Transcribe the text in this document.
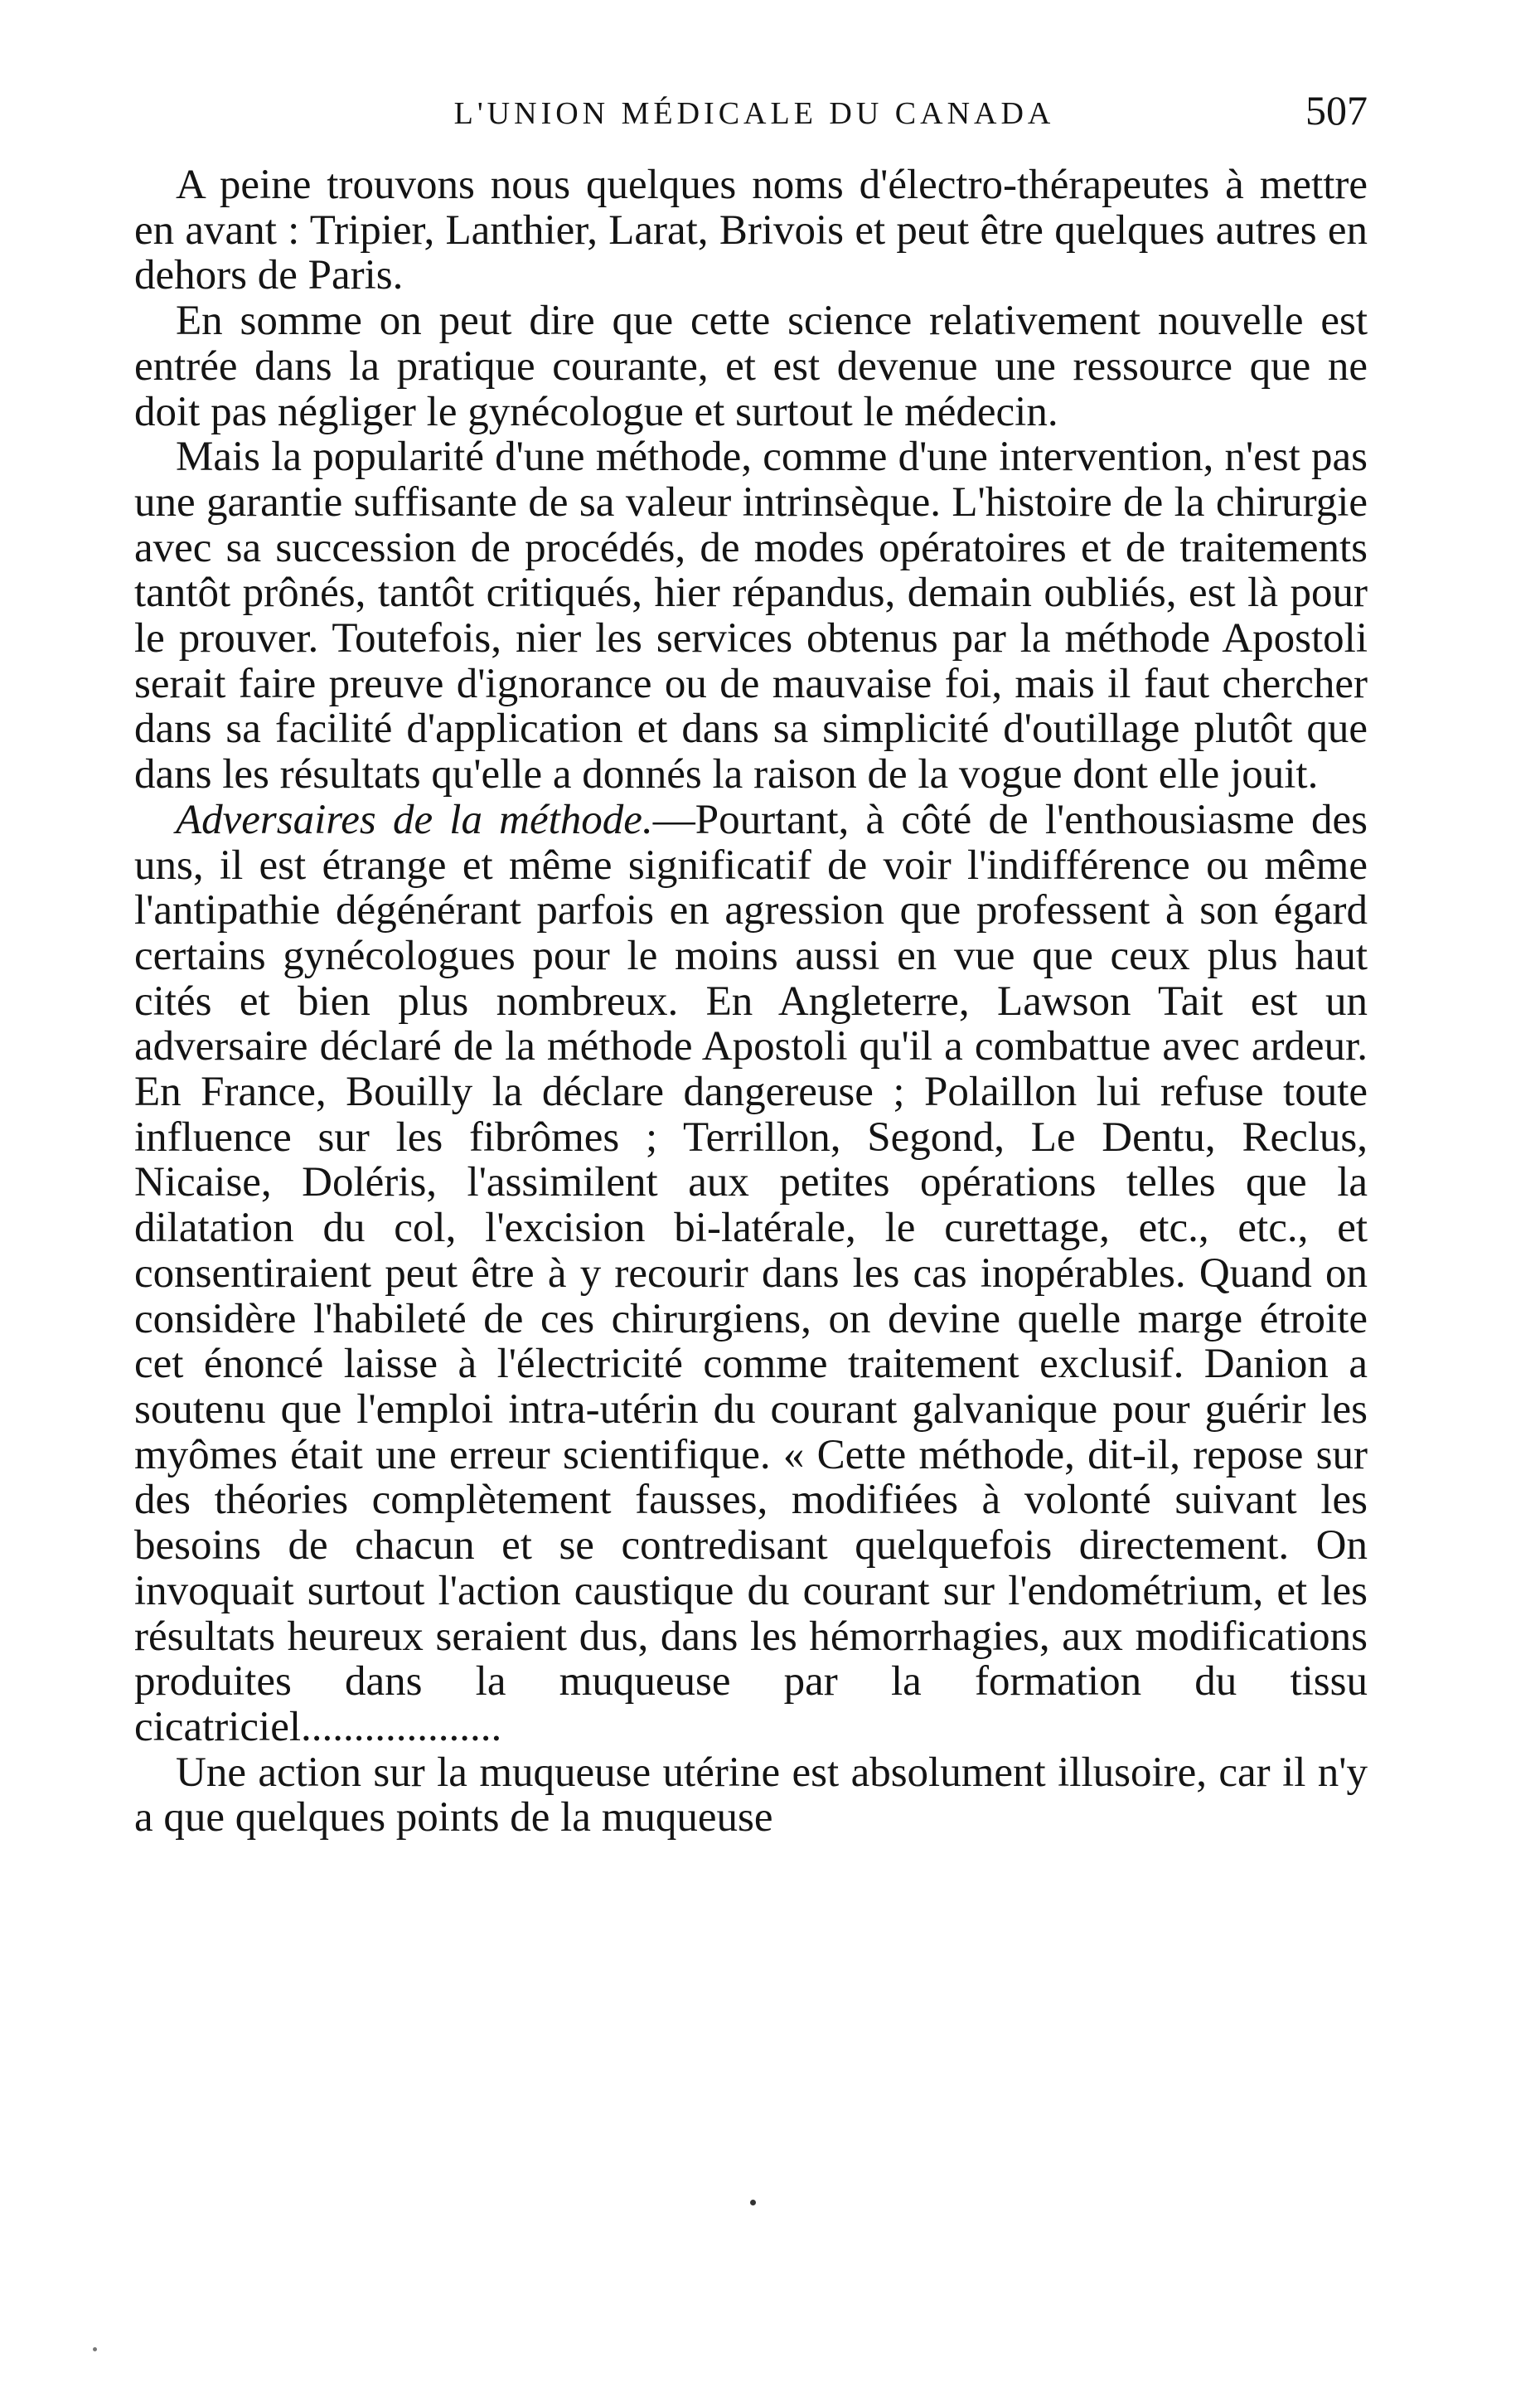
L'UNION MÉDICALE DU CANADA	507

A peine trouvons nous quelques noms d'électro-thérapeutes à mettre en avant : Tripier, Lanthier, Larat, Brivois et peut être quelques autres en dehors de Paris.

En somme on peut dire que cette science relativement nouvelle est entrée dans la pratique courante, et est devenue une ressource que ne doit pas négliger le gynécologue et surtout le médecin.

Mais la popularité d'une méthode, comme d'une intervention, n'est pas une garantie suffisante de sa valeur intrinsèque. L'histoire de la chirurgie avec sa succession de procédés, de modes opératoires et de traitements tantôt prônés, tantôt critiqués, hier répandus, demain oubliés, est là pour le prouver. Toutefois, nier les services obtenus par la méthode Apostoli serait faire preuve d'ignorance ou de mauvaise foi, mais il faut chercher dans sa facilité d'application et dans sa simplicité d'outillage plutôt que dans les résultats qu'elle a donnés la raison de la vogue dont elle jouit.

Adversaires de la méthode.—Pourtant, à côté de l'enthousiasme des uns, il est étrange et même significatif de voir l'indifférence ou même l'antipathie dégénérant parfois en agression que professent à son égard certains gynécologues pour le moins aussi en vue que ceux plus haut cités et bien plus nombreux. En Angleterre, Lawson Tait est un adversaire déclaré de la méthode Apostoli qu'il a combattue avec ardeur. En France, Bouilly la déclare dangereuse ; Polaillon lui refuse toute influence sur les fibrômes ; Terrillon, Segond, Le Dentu, Reclus, Nicaise, Doléris, l'assimilent aux petites opérations telles que la dilatation du col, l'excision bi-latérale, le curettage, etc., etc., et consentiraient peut être à y recourir dans les cas inopérables. Quand on considère l'habileté de ces chirurgiens, on devine quelle marge étroite cet énoncé laisse à l'électricité comme traitement exclusif. Danion a soutenu que l'emploi intra-utérin du courant galvanique pour guérir les myômes était une erreur scientifique. « Cette méthode, dit-il, repose sur des théories complètement fausses, modifiées à volonté suivant les besoins de chacun et se contredisant quelquefois directement. On invoquait surtout l'action caustique du courant sur l'endométrium, et les résultats heureux seraient dus, dans les hémorrhagies, aux modifications produites dans la muqueuse par la formation du tissu cicatriciel...................

Une action sur la muqueuse utérine est absolument illusoire, car il n'y a que quelques points de la muqueuse
